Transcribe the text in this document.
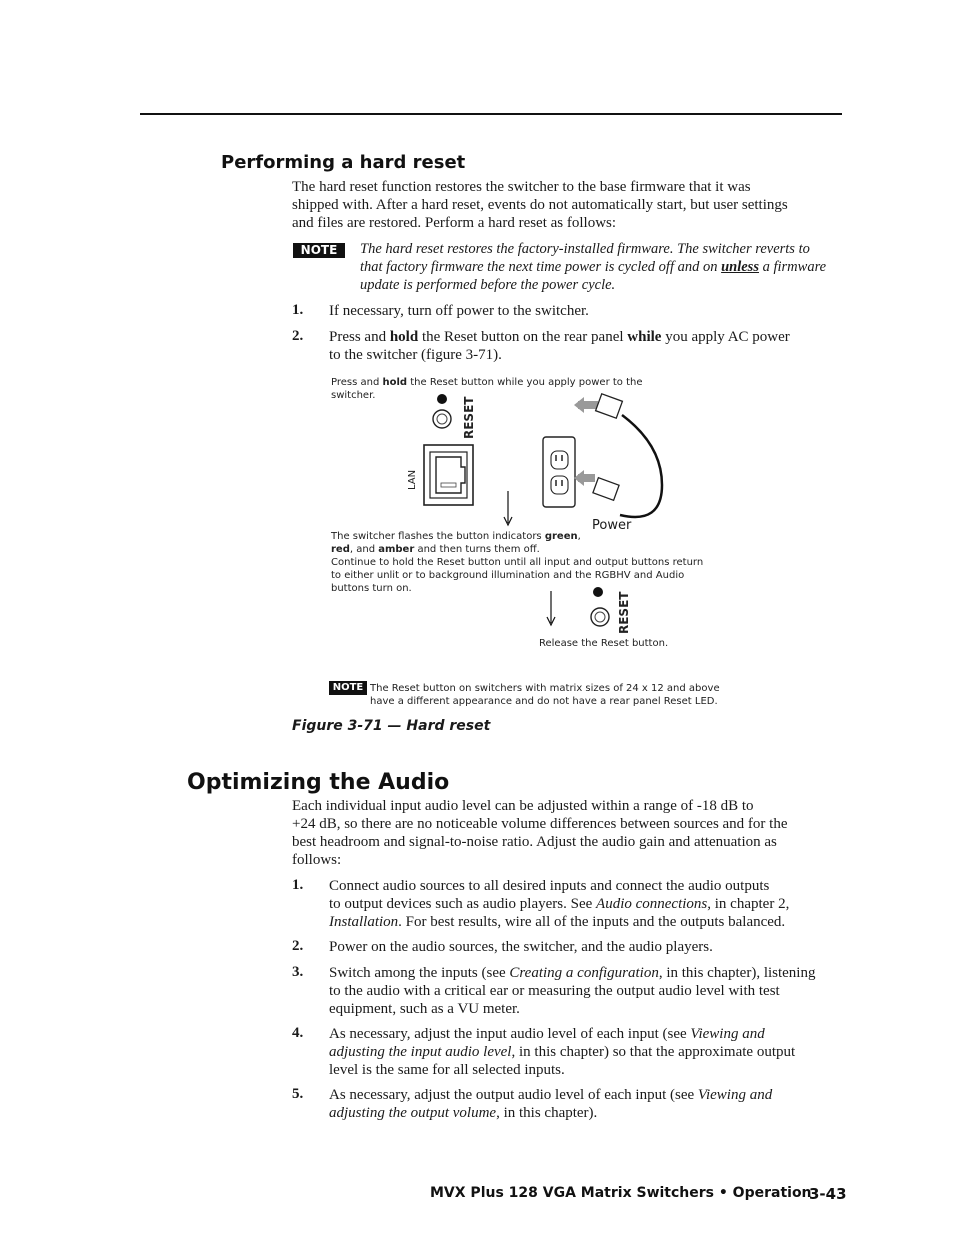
Performing a hard reset
The hard reset function restores the switcher to the base firmware that it was
shipped with. After a hard reset, events do not automatically start, but user settings
and files are restored. Perform a hard reset as follows:
NOTE	The hard reset restores the factory-installed firmware. The switcher reverts to
that factory firmware the next time power is cycled off and on unless a firmware
update is performed before the power cycle.
1. If necessary, turn off power to the switcher.
2. Press and hold the Reset button on the rear panel while you apply AC power
to the switcher (figure 3-71).
Press and hold the Reset button while you apply power to the
switcher.
RESET
LAN
Power
The switcher flashes the button indicators green,
red, and amber and then turns them off.
Continue to hold the Reset button until all input and output buttons return
to either unlit or to background illumination and the RGBHV and Audio
buttons turn on.
RESET
Release the Reset button.
NOTE The Reset button on switchers with matrix sizes of 24 x 12 and above
have a different appearance and do not have a rear panel Reset LED.
Figure 3-71 — Hard reset
Optimizing the Audio
Each individual input audio level can be adjusted within a range of -18 dB to
+24 dB, so there are no noticeable volume differences between sources and for the
best headroom and signal-to-noise ratio. Adjust the audio gain and attenuation as
follows:
1. Connect audio sources to all desired inputs and connect the audio outputs
to output devices such as audio players. See Audio connections, in chapter 2,
Installation. For best results, wire all of the inputs and the outputs balanced.
2. Power on the audio sources, the switcher, and the audio players.
3. Switch among the inputs (see Creating a configuration, in this chapter), listening
to the audio with a critical ear or measuring the output audio level with test
equipment, such as a VU meter.
4. As necessary, adjust the input audio level of each input (see Viewing and
adjusting the input audio level, in this chapter) so that the approximate output
level is the same for all selected inputs.
5. As necessary, adjust the output audio level of each input (see Viewing and
adjusting the output volume, in this chapter).
MVX Plus 128 VGA Matrix Switchers • Operation
3-43
